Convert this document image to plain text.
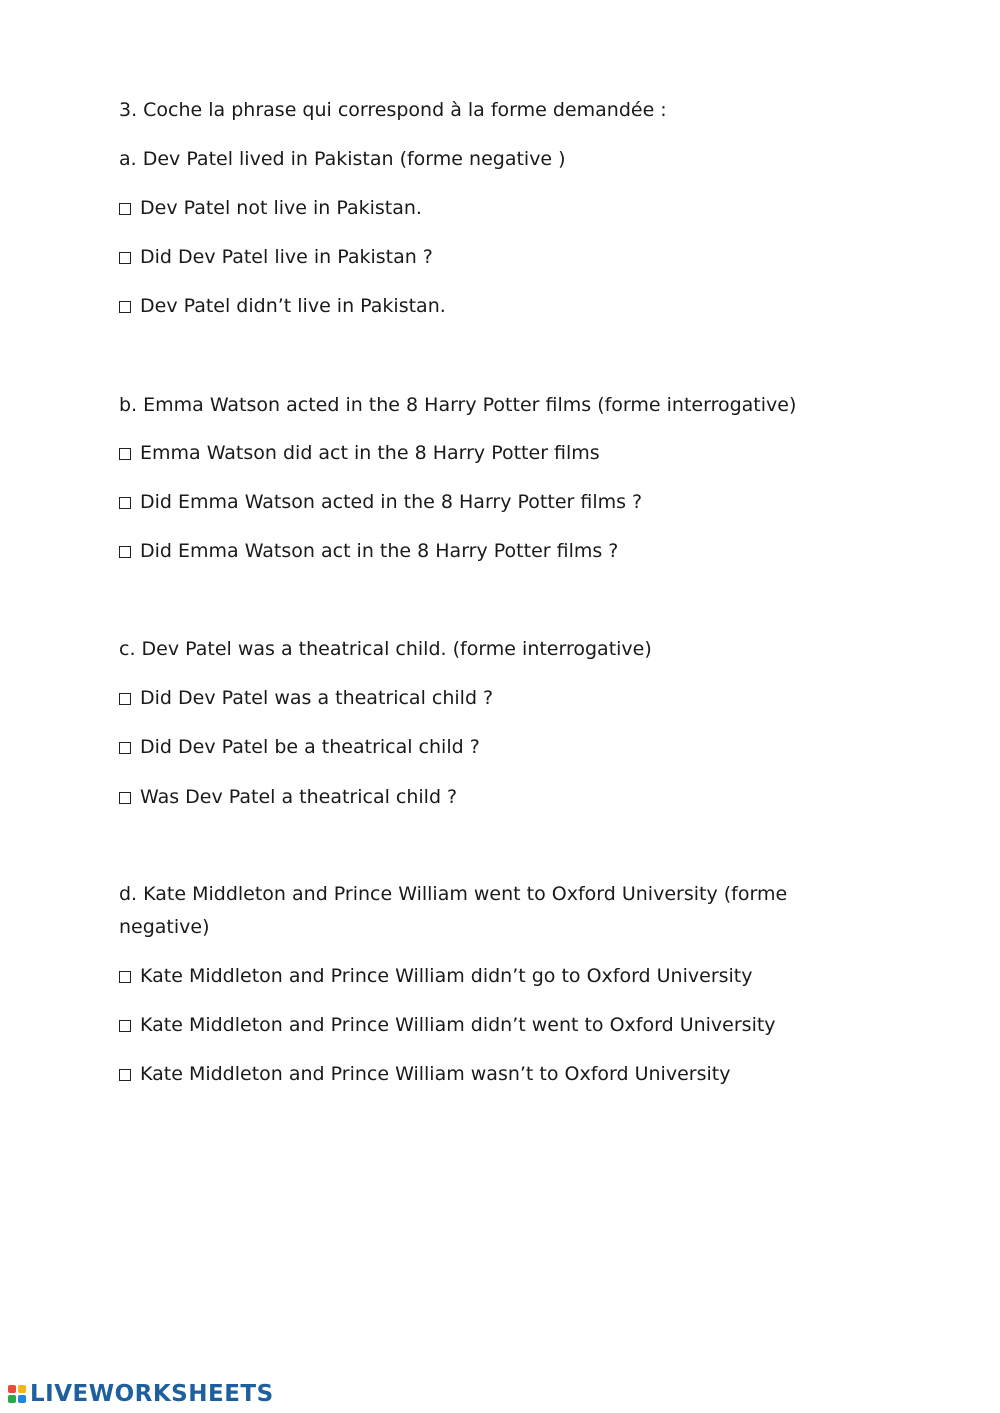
3. Coche la phrase qui correspond à la forme demandée :
a. Dev Patel lived in Pakistan (forme negative )
Dev Patel not live in Pakistan.
Did Dev Patel live in Pakistan ?
Dev Patel didn’t live in Pakistan.
b. Emma Watson acted in the 8 Harry Potter films (forme interrogative)
Emma Watson did act in the 8 Harry Potter films
Did Emma Watson acted in the 8 Harry Potter films ?
Did Emma Watson act in the 8 Harry Potter films ?
c. Dev Patel was a theatrical child. (forme interrogative)
Did Dev Patel was a theatrical child ?
Did Dev Patel be a theatrical child ?
Was Dev Patel a theatrical child ?
d. Kate Middleton and Prince William went to Oxford University (forme
negative)
Kate Middleton and Prince William didn’t go to Oxford University
Kate Middleton and Prince William didn’t went to Oxford University
Kate Middleton and Prince William wasn’t to Oxford University
LIVEWORKSHEETS
